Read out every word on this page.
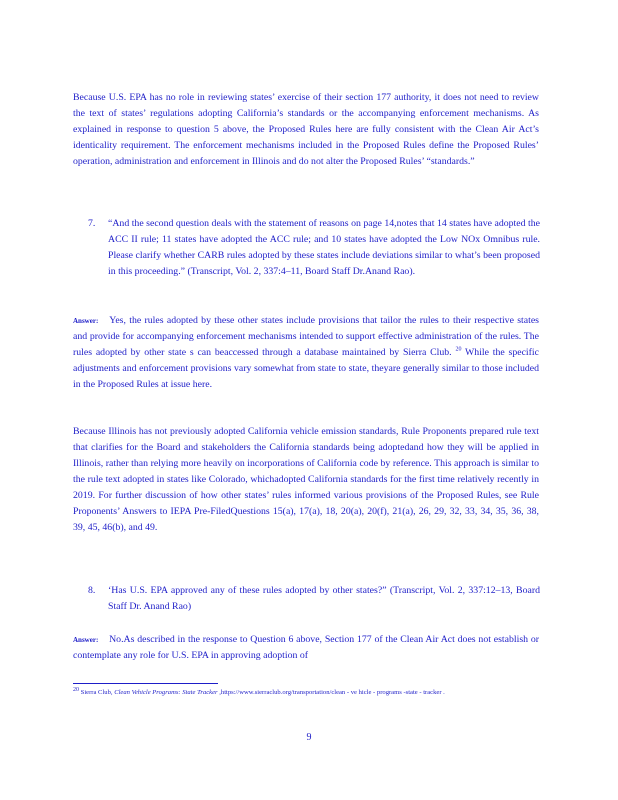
Because U.S. EPA has no role in reviewing states’ exercise of their section 177 authority, it does not need to review the text of states’ regulations adopting California’s standards or the accompanying enforcement mechanisms. As explained in response to question 5 above, the Proposed Rules here are fully consistent with the Clean Air Act’s identicality requirement. The enforcement mechanisms included in the Proposed Rules define the Proposed Rules’ operation, administration and enforcement in Illinois and do not alter the Proposed Rules’ “standards.”

7. “And the second question deals with the statement of reasons on page 14,notes that 14 states have adopted the ACC II rule; 11 states have adopted the ACC rule; and 10 states have adopted the Low NOx Omnibus rule. Please clarify whether CARB rules adopted by these states include deviations similar to what’s been proposed in this proceeding.” (Transcript, Vol. 2, 337:4–11, Board Staff Dr.Anand Rao).

Answer: Yes, the rules adopted by these other states include provisions that tailor the rules to their respective states and provide for accompanying enforcement mechanisms intended to support effective administration of the rules. The rules adopted by other state s can beaccessed through a database maintained by Sierra Club. $^{20}$ While the specific adjustments and enforcement provisions vary somewhat from state to state, theyare generally similar to those included in the Proposed Rules at issue here.

Because Illinois has not previously adopted California vehicle emission standards, Rule Proponents prepared rule text that clarifies for the Board and stakeholders the California standards being adoptedand how they will be applied in Illinois, rather than relying more heavily on incorporations of California code by reference. This approach is similar to the rule text adopted in states like Colorado, whichadopted California standards for the first time relatively recently in 2019. For further discussion of how other states’ rules informed various provisions of the Proposed Rules, see Rule Proponents’ Answers to IEPA Pre-FiledQuestions 15(a), 17(a), 18, 20(a), 20(f), 21(a), 26, 29, 32, 33, 34, 35, 36, 38, 39, 45, 46(b), and 49.

8. ‘Has U.S. EPA approved any of these rules adopted by other states?” (Transcript, Vol. 2, 337:12–13, Board Staff Dr. Anand Rao)

Answer: No.As described in the response to Question 6 above, Section 177 of the Clean Air Act does not establish or contemplate any role for U.S. EPA in approving adoption of

$^{20}$ Sierra Club, Clean Vehicle Programs: State Tracker ,https://www.sierraclub.org/transportation/clean - ve hicle - programs -state - tracker .

9
